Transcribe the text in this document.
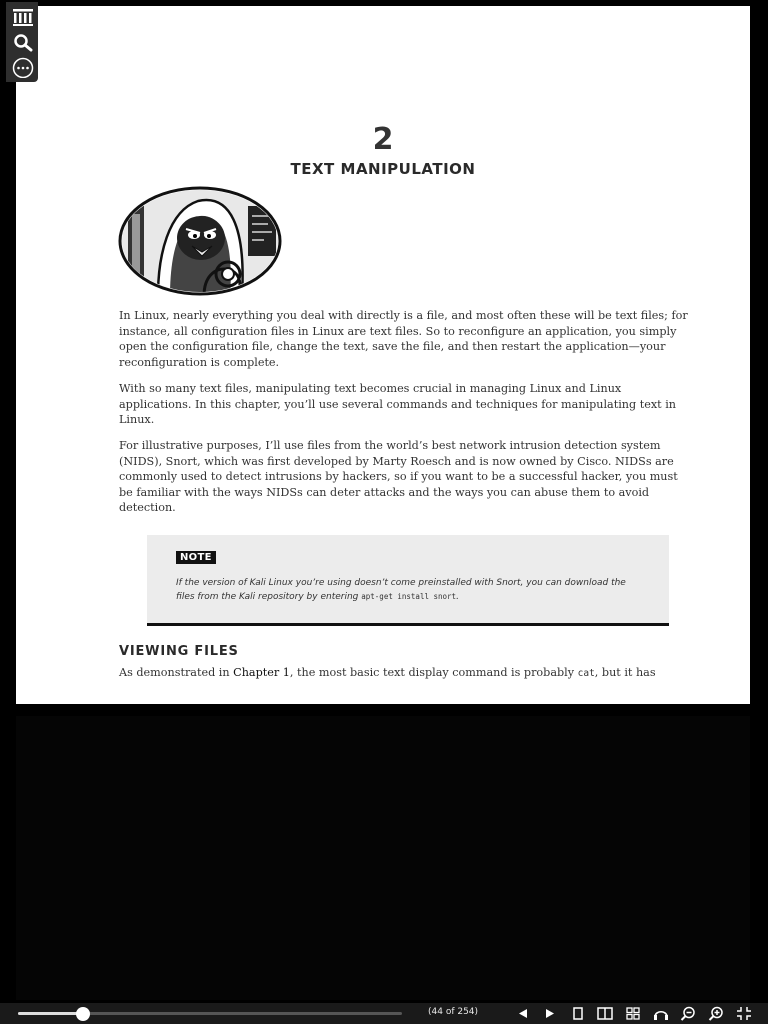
2
TEXT MANIPULATION

In Linux, nearly everything you deal with directly is a file, and most often these will be text files; for instance, all configuration files in Linux are text files. So to reconfigure an application, you simply open the configuration file, change the text, save the file, and then restart the application—your reconfiguration is complete.

With so many text files, manipulating text becomes crucial in managing Linux and Linux applications. In this chapter, you’ll use several commands and techniques for manipulating text in Linux.

For illustrative purposes, I’ll use files from the world’s best network intrusion detection system (NIDS), Snort, which was first developed by Marty Roesch and is now owned by Cisco. NIDSs are commonly used to detect intrusions by hackers, so if you want to be a successful hacker, you must be familiar with the ways NIDSs can deter attacks and the ways you can abuse them to avoid detection.

NOTE

If the version of Kali Linux you’re using doesn’t come preinstalled with Snort, you can download the files from the Kali repository by entering apt-get install snort.

VIEWING FILES

As demonstrated in Chapter 1, the most basic text display command is probably cat, but it has

(44 of 254)
